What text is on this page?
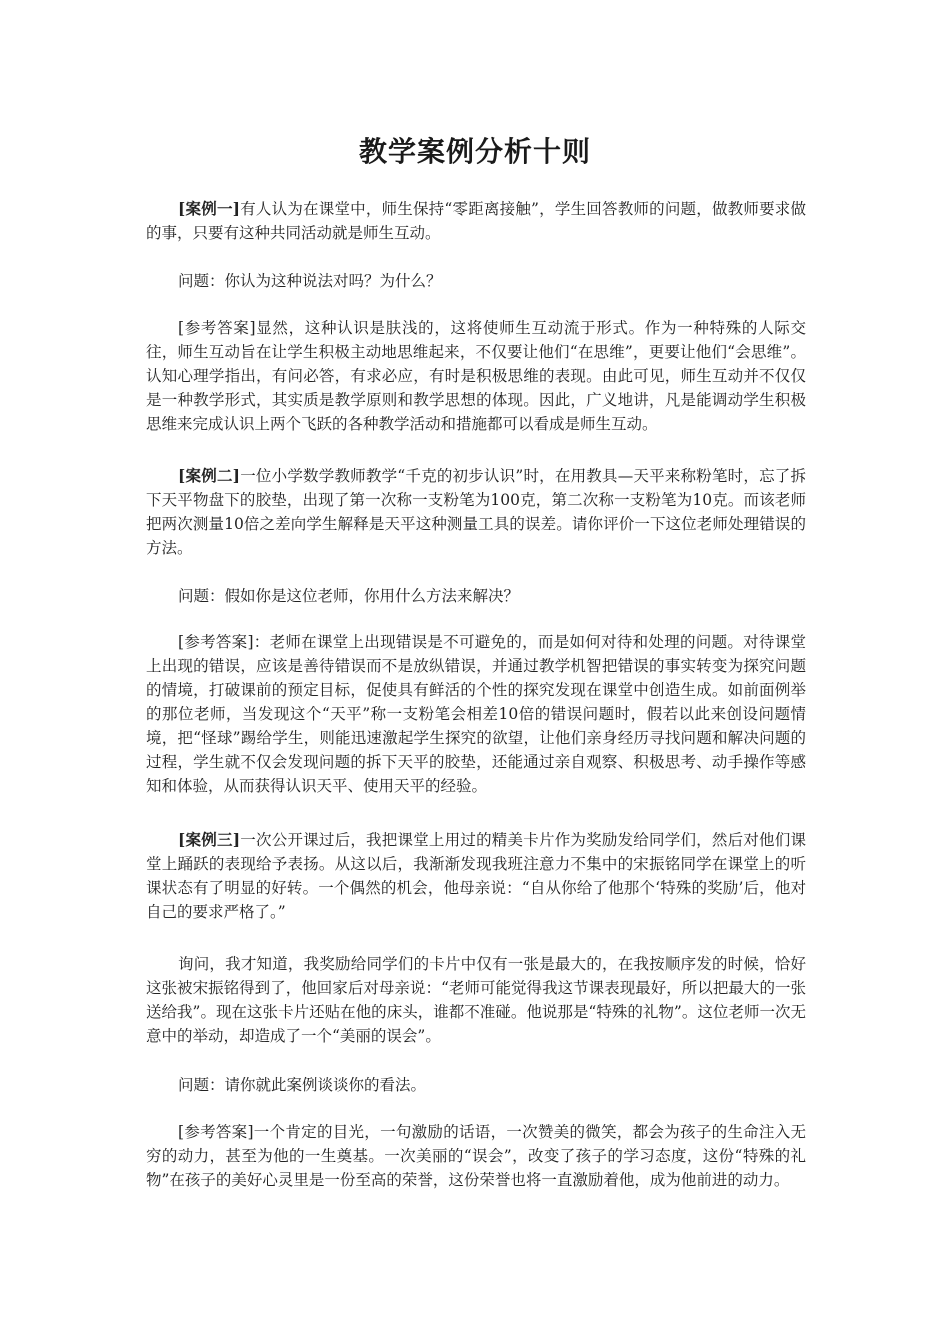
教学案例分析十则

[案例一]有人认为在课堂中，师生保持“零距离接触”，学生回答教师的问题，做教师要求做的事，只要有这种共同活动就是师生互动。

问题：你认为这种说法对吗？为什么？

[参考答案]显然，这种认识是肤浅的，这将使师生互动流于形式。作为一种特殊的人际交往，师生互动旨在让学生积极主动地思维起来，不仅要让他们“在思维”，更要让他们“会思维”。认知心理学指出，有问必答，有求必应，有时是积极思维的表现。由此可见，师生互动并不仅仅是一种教学形式，其实质是教学原则和教学思想的体现。因此，广义地讲，凡是能调动学生积极思维来完成认识上两个飞跃的各种教学活动和措施都可以看成是师生互动。

[案例二]一位小学数学教师教学“千克的初步认识”时，在用教具—天平来称粉笔时，忘了拆下天平物盘下的胶垫，出现了第一次称一支粉笔为100克，第二次称一支粉笔为10克。而该老师把两次测量10倍之差向学生解释是天平这种测量工具的误差。请你评价一下这位老师处理错误的方法。

问题：假如你是这位老师，你用什么方法来解决？

[参考答案]：老师在课堂上出现错误是不可避免的，而是如何对待和处理的问题。对待课堂上出现的错误，应该是善待错误而不是放纵错误，并通过教学机智把错误的事实转变为探究问题的情境，打破课前的预定目标，促使具有鲜活的个性的探究发现在课堂中创造生成。如前面例举的那位老师，当发现这个“天平”称一支粉笔会相差10倍的错误问题时，假若以此来创设问题情境，把“怪球”踢给学生，则能迅速激起学生探究的欲望，让他们亲身经历寻找问题和解决问题的过程，学生就不仅会发现问题的拆下天平的胶垫，还能通过亲自观察、积极思考、动手操作等感知和体验，从而获得认识天平、使用天平的经验。

[案例三]一次公开课过后，我把课堂上用过的精美卡片作为奖励发给同学们，然后对他们课堂上踊跃的表现给予表扬。从这以后，我渐渐发现我班注意力不集中的宋振铭同学在课堂上的听课状态有了明显的好转。一个偶然的机会，他母亲说：“自从你给了他那个‘特殊的奖励’后，他对自己的要求严格了。”

询问，我才知道，我奖励给同学们的卡片中仅有一张是最大的，在我按顺序发的时候，恰好这张被宋振铭得到了，他回家后对母亲说：“老师可能觉得我这节课表现最好，所以把最大的一张送给我”。现在这张卡片还贴在他的床头，谁都不准碰。他说那是“特殊的礼物”。这位老师一次无意中的举动，却造成了一个“美丽的误会”。

问题：请你就此案例谈谈你的看法。

[参考答案]一个肯定的目光，一句激励的话语，一次赞美的微笑，都会为孩子的生命注入无穷的动力，甚至为他的一生奠基。一次美丽的“误会”，改变了孩子的学习态度，这份“特殊的礼物”在孩子的美好心灵里是一份至高的荣誉，这份荣誉也将一直激励着他，成为他前进的动力。
